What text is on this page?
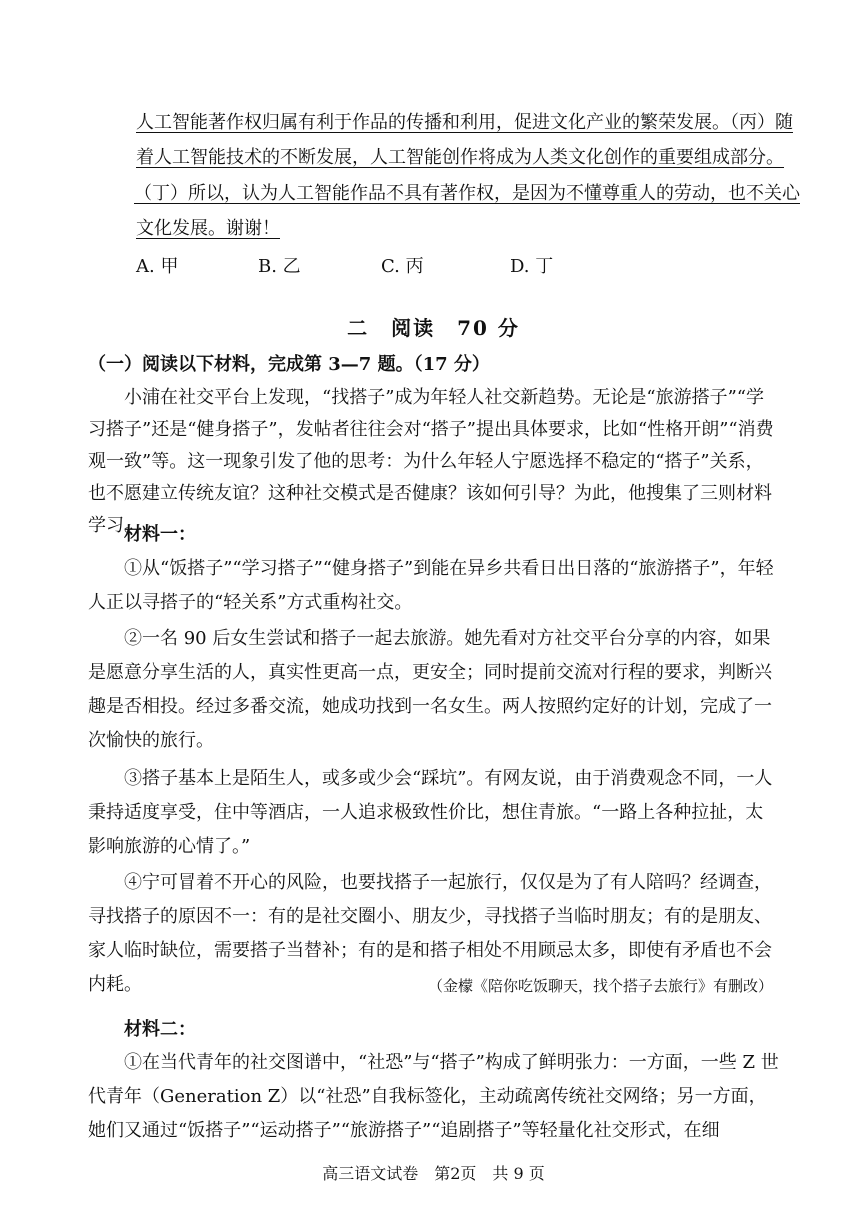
人工智能著作权归属有利于作品的传播和利用，促进文化产业的繁荣发展。（丙）随
着人工智能技术的不断发展，人工智能创作将成为人类文化创作的重要组成部分。
（丁）所以，认为人工智能作品不具有著作权，是因为不懂尊重人的劳动，也不关心
文化发展。谢谢！
A. 甲	B. 乙	C. 丙	D. 丁
二　阅读　70 分
（一）阅读以下材料，完成第 3—7 题。（17 分）
小浦在社交平台上发现，“找搭子”成为年轻人社交新趋势。无论是“旅游搭子”“学习搭子”还是“健身搭子”，发帖者往往会对“搭子”提出具体要求，比如“性格开朗”“消费观一致”等。这一现象引发了他的思考：为什么年轻人宁愿选择不稳定的“搭子”关系，也不愿建立传统友谊？这种社交模式是否健康？该如何引导？为此，他搜集了三则材料学习。
材料一：
①从“饭搭子”“学习搭子”“健身搭子”到能在异乡共看日出日落的“旅游搭子”，年轻人正以寻搭子的“轻关系”方式重构社交。
②一名 90 后女生尝试和搭子一起去旅游。她先看对方社交平台分享的内容，如果是愿意分享生活的人，真实性更高一点，更安全；同时提前交流对行程的要求，判断兴趣是否相投。经过多番交流，她成功找到一名女生。两人按照约定好的计划，完成了一次愉快的旅行。
③搭子基本上是陌生人，或多或少会“踩坑”。有网友说，由于消费观念不同，一人秉持适度享受，住中等酒店，一人追求极致性价比，想住青旅。“一路上各种拉扯，太影响旅游的心情了。”
④宁可冒着不开心的风险，也要找搭子一起旅行，仅仅是为了有人陪吗？经调查，寻找搭子的原因不一：有的是社交圈小、朋友少，寻找搭子当临时朋友；有的是朋友、家人临时缺位，需要搭子当替补；有的是和搭子相处不用顾忌太多，即使有矛盾也不会内耗。	（金檬《陪你吃饭聊天，找个搭子去旅行》有删改）
材料二：
①在当代青年的社交图谱中，“社恐”与“搭子”构成了鲜明张力：一方面，一些 Z 世代青年（Generation Z）以“社恐”自我标签化，主动疏离传统社交网络；另一方面，她们又通过“饭搭子”“运动搭子”“旅游搭子”“追剧搭子”等轻量化社交形式，在细
高三语文试卷　第2页　共 9 页
